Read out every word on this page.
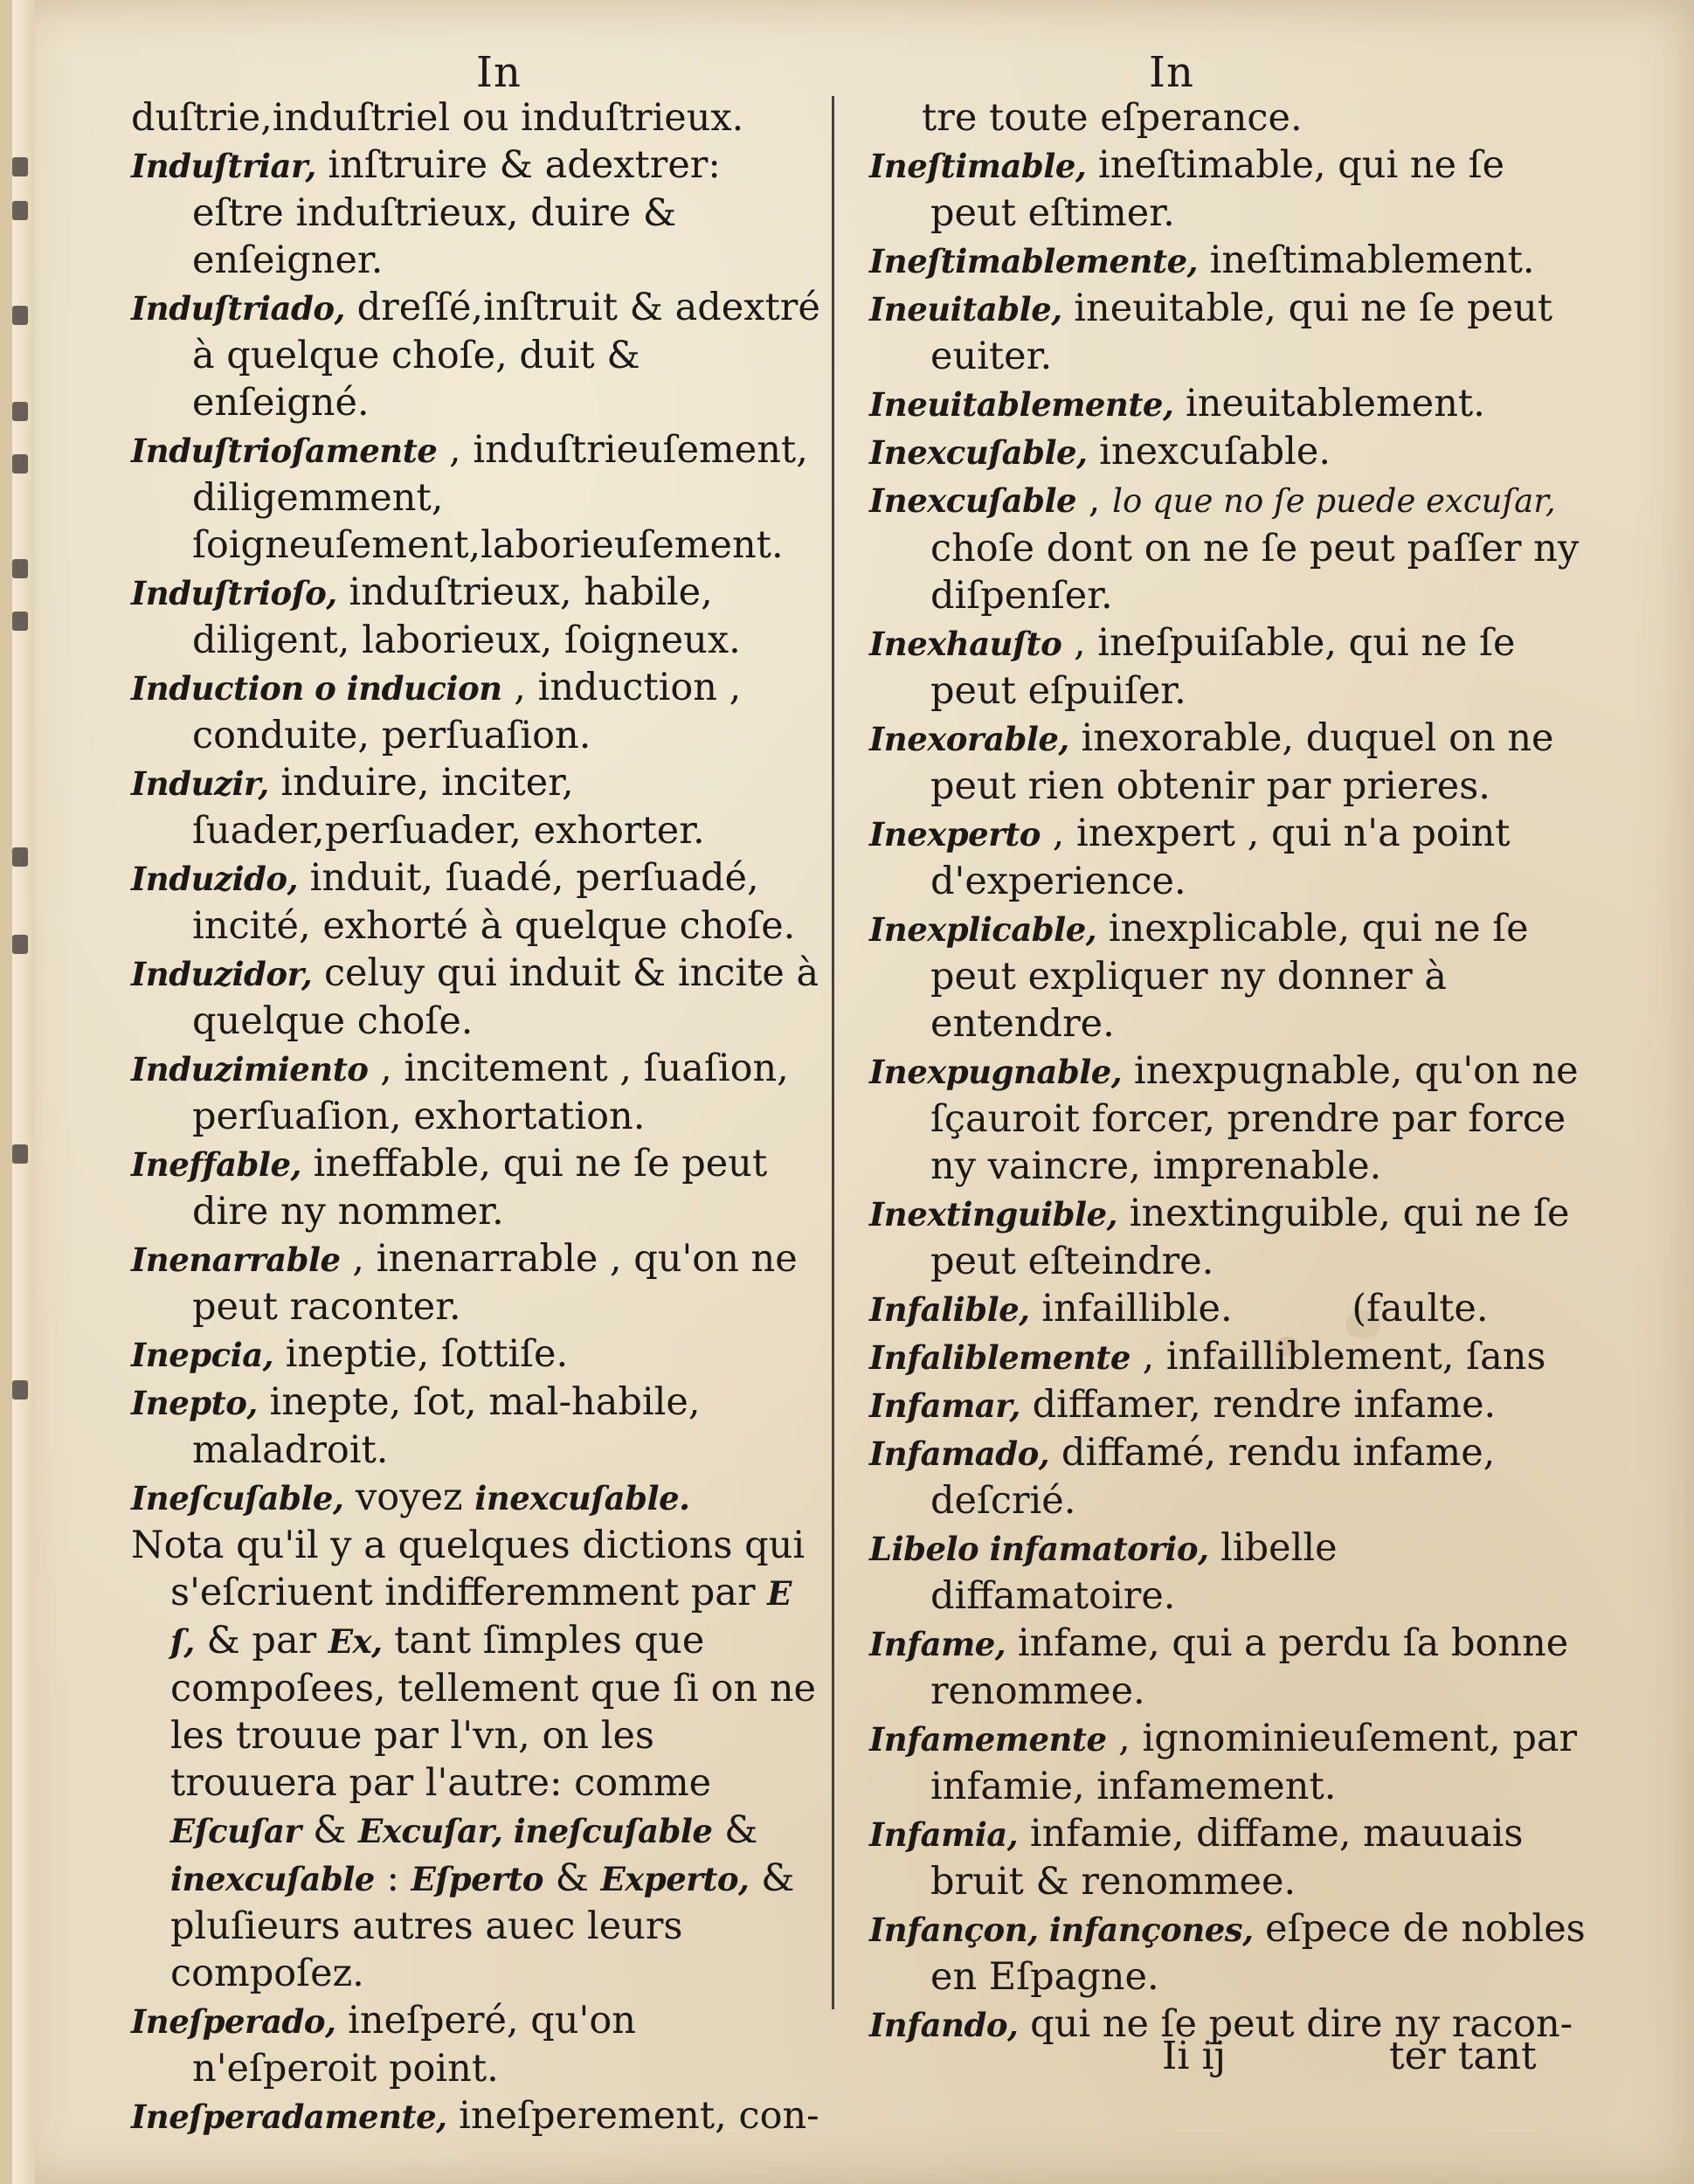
In	In

duſtrie,induſtriel ou induſtrieux.

Induſtriar, inſtruire & adextrer: eſtre induſtrieux, duire & enſeigner.

Induſtriado, dreſſé,inſtruit & adextré à quelque choſe, duit & enſeigné.

Induſtrioſamente , induſtrieuſement, diligemment, ſoigneuſement,laborieuſement.

Induſtrioſo, induſtrieux, habile, diligent, laborieux, ſoigneux.

Induction o inducion , induction , conduite, perſuaſion.

Induzir, induire, inciter, ſuader,perſuader, exhorter.

Induzido, induit, ſuadé, perſuadé, incité, exhorté à quelque choſe.

Induzidor, celuy qui induit & incite à quelque choſe.

Induzimiento , incitement , ſuaſion, perſuaſion, exhortation.

Ineffable, ineffable, qui ne ſe peut dire ny nommer.

Inenarrable , inenarrable , qu'on ne peut raconter.

Inepcia, ineptie, ſottiſe.

Inepto, inepte, ſot, mal-habile, maladroit.

Ineſcuſable, voyez inexcuſable.

Nota qu'il y a quelques dictions qui s'eſcriuent indifferemment par E ſ, & par Ex, tant ſimples que compoſees, tellement que ſi on ne les trouue par l'vn, on les trouuera par l'autre: comme Eſcuſar & Excuſar, ineſcuſable & inexcuſable : Eſperto & Experto, & pluſieurs autres auec leurs compoſez.

Ineſperado, ineſperé, qu'on n'eſperoit point.

Ineſperadamente, ineſperement, con-

tre toute eſperance.

Ineſtimable, ineſtimable, qui ne ſe peut eſtimer.

Ineſtimablemente, ineſtimablement.

Ineuitable, ineuitable, qui ne ſe peut euiter.

Ineuitablemente, ineuitablement.

Inexcuſable, inexcuſable.

Inexcuſable , lo que no ſe puede excuſar, choſe dont on ne ſe peut paſſer ny diſpenſer.

Inexhauſto , ineſpuiſable, qui ne ſe peut eſpuiſer.

Inexorable, inexorable, duquel on ne peut rien obtenir par prieres.

Inexperto , inexpert , qui n'a point d'experience.

Inexplicable, inexplicable, qui ne ſe peut expliquer ny donner à entendre.

Inexpugnable, inexpugnable, qu'on ne ſçauroit forcer, prendre par force ny vaincre, imprenable.

Inextinguible, inextinguible, qui ne ſe peut eſteindre.

Infalible, infaillible.          (faulte.

Infaliblemente , infailliblement, ſans

Infamar, diffamer, rendre infame.

Infamado, diffamé, rendu infame, deſcrié.

Libelo infamatorio, libelle diffamatoire.

Infame, infame, qui a perdu ſa bonne renommee.

Infamemente , ignominieuſement, par infamie, infamement.

Infamia, infamie, diffame, mauuais bruit & renommee.

Infançon, infançones, eſpece de nobles en Eſpagne.

Infando, qui ne ſe peut dire ny racon-

Ii ij	ter tant
